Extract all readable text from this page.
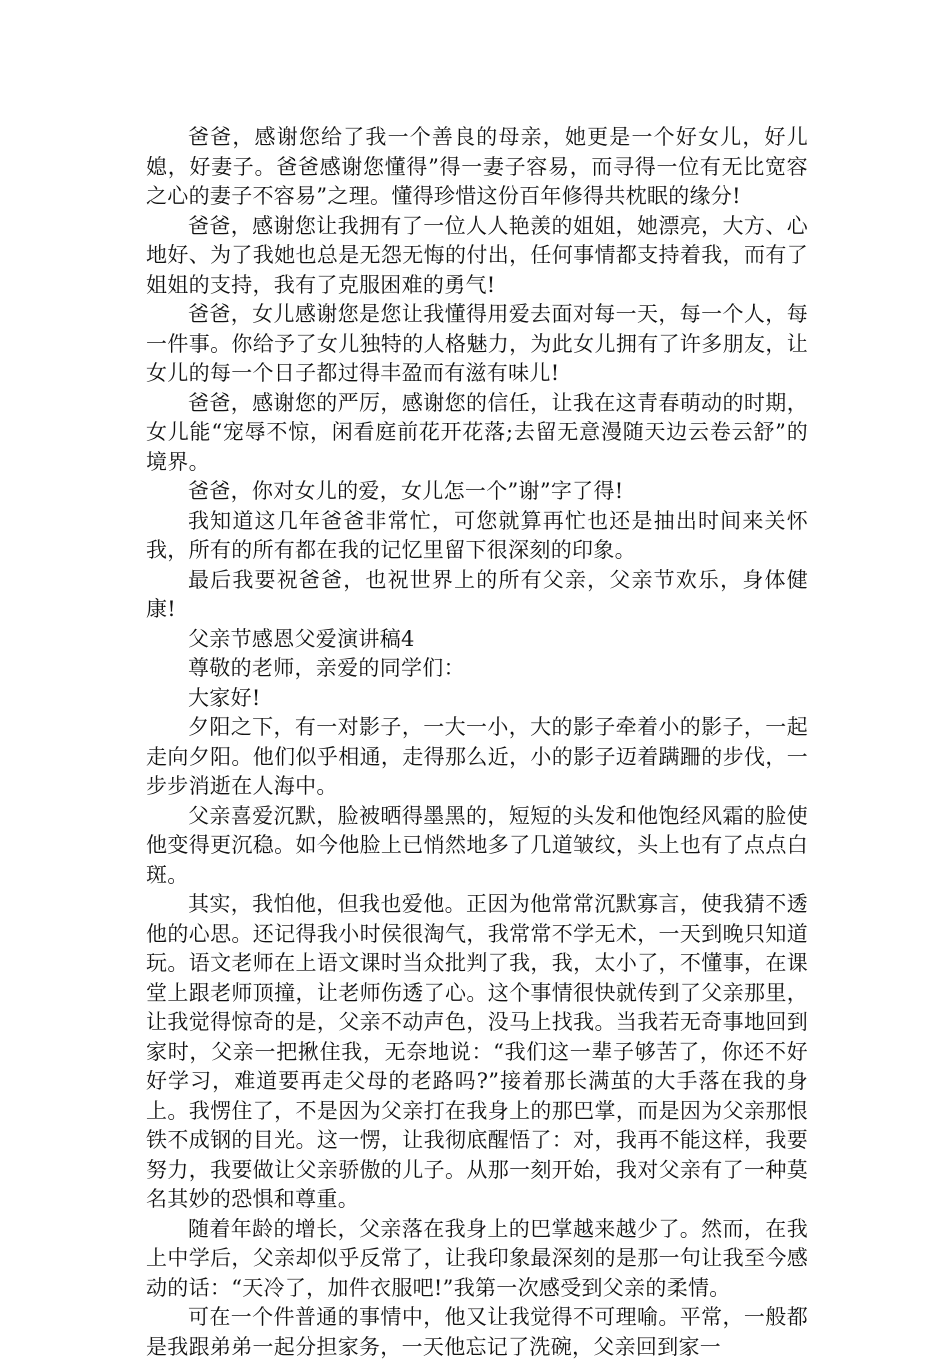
爸爸，感谢您给了我一个善良的母亲，她更是一个好女儿，好儿媳，好妻子。爸爸感谢您懂得”得一妻子容易，而寻得一位有无比宽容之心的妻子不容易”之理。懂得珍惜这份百年修得共枕眠的缘分!

爸爸，感谢您让我拥有了一位人人艳羡的姐姐，她漂亮，大方、心地好、为了我她也总是无怨无悔的付出，任何事情都支持着我，而有了姐姐的支持，我有了克服困难的勇气!

爸爸，女儿感谢您是您让我懂得用爱去面对每一天，每一个人，每一件事。你给予了女儿独特的人格魅力，为此女儿拥有了许多朋友，让女儿的每一个日子都过得丰盈而有滋有味儿!

爸爸，感谢您的严厉，感谢您的信任，让我在这青春萌动的时期，女儿能“宠辱不惊，闲看庭前花开花落;去留无意漫随天边云卷云舒”的境界。

爸爸，你对女儿的爱，女儿怎一个”谢”字了得!

我知道这几年爸爸非常忙，可您就算再忙也还是抽出时间来关怀我，所有的所有都在我的记忆里留下很深刻的印象。

最后我要祝爸爸，也祝世界上的所有父亲，父亲节欢乐，身体健康!

父亲节感恩父爱演讲稿4

尊敬的老师，亲爱的同学们：

大家好!

夕阳之下，有一对影子，一大一小，大的影子牵着小的影子，一起走向夕阳。他们似乎相通，走得那么近，小的影子迈着蹒跚的步伐，一步步消逝在人海中。

父亲喜爱沉默，脸被晒得墨黑的，短短的头发和他饱经风霜的脸使他变得更沉稳。如今他脸上已悄然地多了几道皱纹，头上也有了点点白斑。

其实，我怕他，但我也爱他。正因为他常常沉默寡言，使我猜不透他的心思。还记得我小时侯很淘气，我常常不学无术，一天到晚只知道玩。语文老师在上语文课时当众批判了我，我，太小了，不懂事，在课堂上跟老师顶撞，让老师伤透了心。这个事情很快就传到了父亲那里，让我觉得惊奇的是，父亲不动声色，没马上找我。当我若无奇事地回到家时，父亲一把揪住我，无奈地说：“我们这一辈子够苦了，你还不好好学习，难道要再走父母的老路吗?”接着那长满茧的大手落在我的身上。我愣住了，不是因为父亲打在我身上的那巴掌，而是因为父亲那恨铁不成钢的目光。这一愣，让我彻底醒悟了：对，我再不能这样，我要努力，我要做让父亲骄傲的儿子。从那一刻开始，我对父亲有了一种莫名其妙的恐惧和尊重。

随着年龄的增长，父亲落在我身上的巴掌越来越少了。然而，在我上中学后，父亲却似乎反常了，让我印象最深刻的是那一句让我至今感动的话：“天冷了，加件衣服吧!”我第一次感受到父亲的柔情。

可在一个件普通的事情中，他又让我觉得不可理喻。平常，一般都是我跟弟弟一起分担家务，一天他忘记了洗碗，父亲回到家一
